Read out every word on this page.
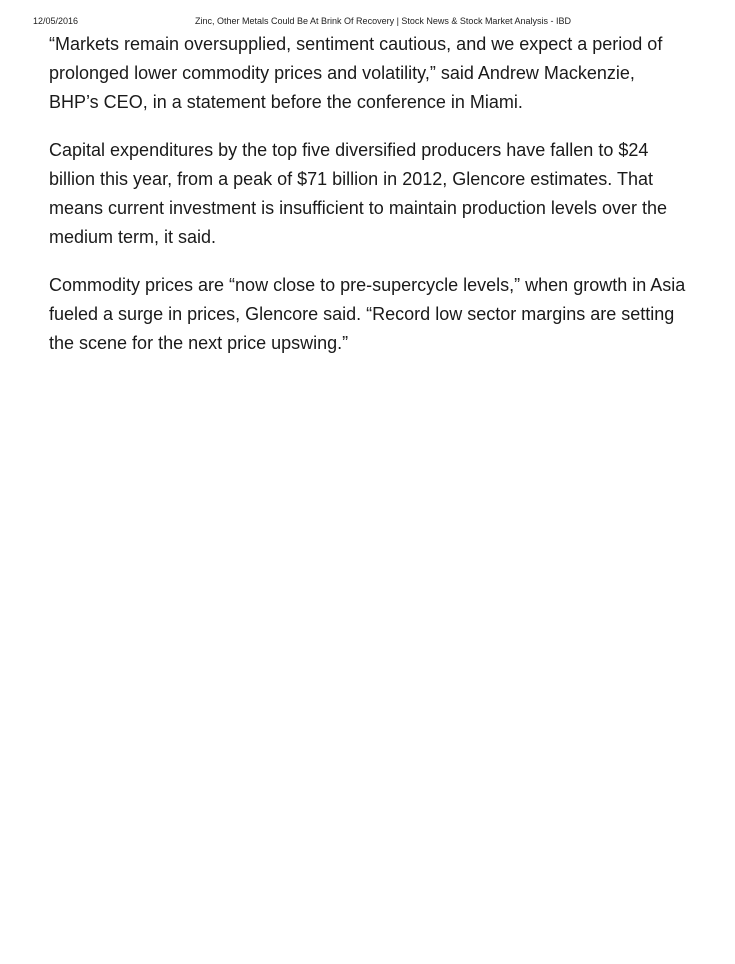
12/05/2016	Zinc, Other Metals Could Be At Brink Of Recovery | Stock News & Stock Market Analysis - IBD

“Markets remain oversupplied, sentiment cautious, and we expect a period of prolonged lower commodity prices and volatility,” said Andrew Mackenzie, BHP’s CEO, in a statement before the conference in Miami.

Capital expenditures by the top five diversified producers have fallen to $24 billion this year, from a peak of $71 billion in 2012, Glencore estimates. That means current investment is insufficient to maintain production levels over the medium term, it said.

Commodity prices are “now close to pre-supercycle levels,” when growth in Asia fueled a surge in prices, Glencore said. “Record low sector margins are setting the scene for the next price upswing.”
